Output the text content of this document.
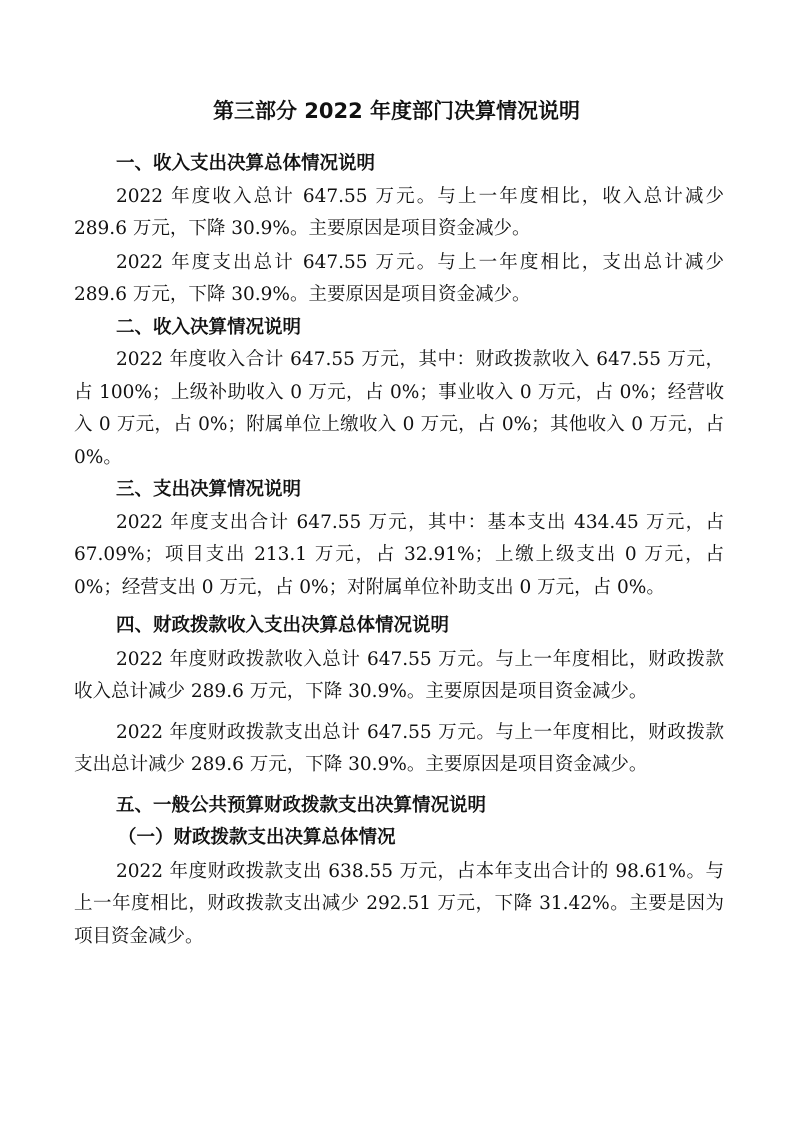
第三部分 2022 年度部门决算情况说明

一、收入支出决算总体情况说明

2022 年度收入总计 647.55 万元。与上一年度相比，收入总计减少 289.6 万元，下降 30.9%。主要原因是项目资金减少。

2022 年度支出总计 647.55 万元。与上一年度相比，支出总计减少 289.6 万元，下降 30.9%。主要原因是项目资金减少。

二、收入决算情况说明

2022 年度收入合计 647.55 万元，其中：财政拨款收入 647.55 万元，占 100%；上级补助收入 0 万元，占 0%；事业收入 0 万元，占 0%；经营收入 0 万元，占 0%；附属单位上缴收入 0 万元，占 0%；其他收入 0 万元，占 0%。

三、支出决算情况说明

2022 年度支出合计 647.55 万元，其中：基本支出 434.45 万元，占 67.09%；项目支出 213.1 万元，占 32.91%；上缴上级支出 0 万元，占 0%；经营支出 0 万元，占 0%；对附属单位补助支出 0 万元，占 0%。

四、财政拨款收入支出决算总体情况说明

2022 年度财政拨款收入总计 647.55 万元。与上一年度相比，财政拨款收入总计减少 289.6 万元，下降 30.9%。主要原因是项目资金减少。

2022 年度财政拨款支出总计 647.55 万元。与上一年度相比，财政拨款支出总计减少 289.6 万元，下降 30.9%。主要原因是项目资金减少。

五、一般公共预算财政拨款支出决算情况说明

（一）财政拨款支出决算总体情况

2022 年度财政拨款支出 638.55 万元，占本年支出合计的 98.61%。与上一年度相比，财政拨款支出减少 292.51 万元，下降 31.42%。主要是因为项目资金减少。
